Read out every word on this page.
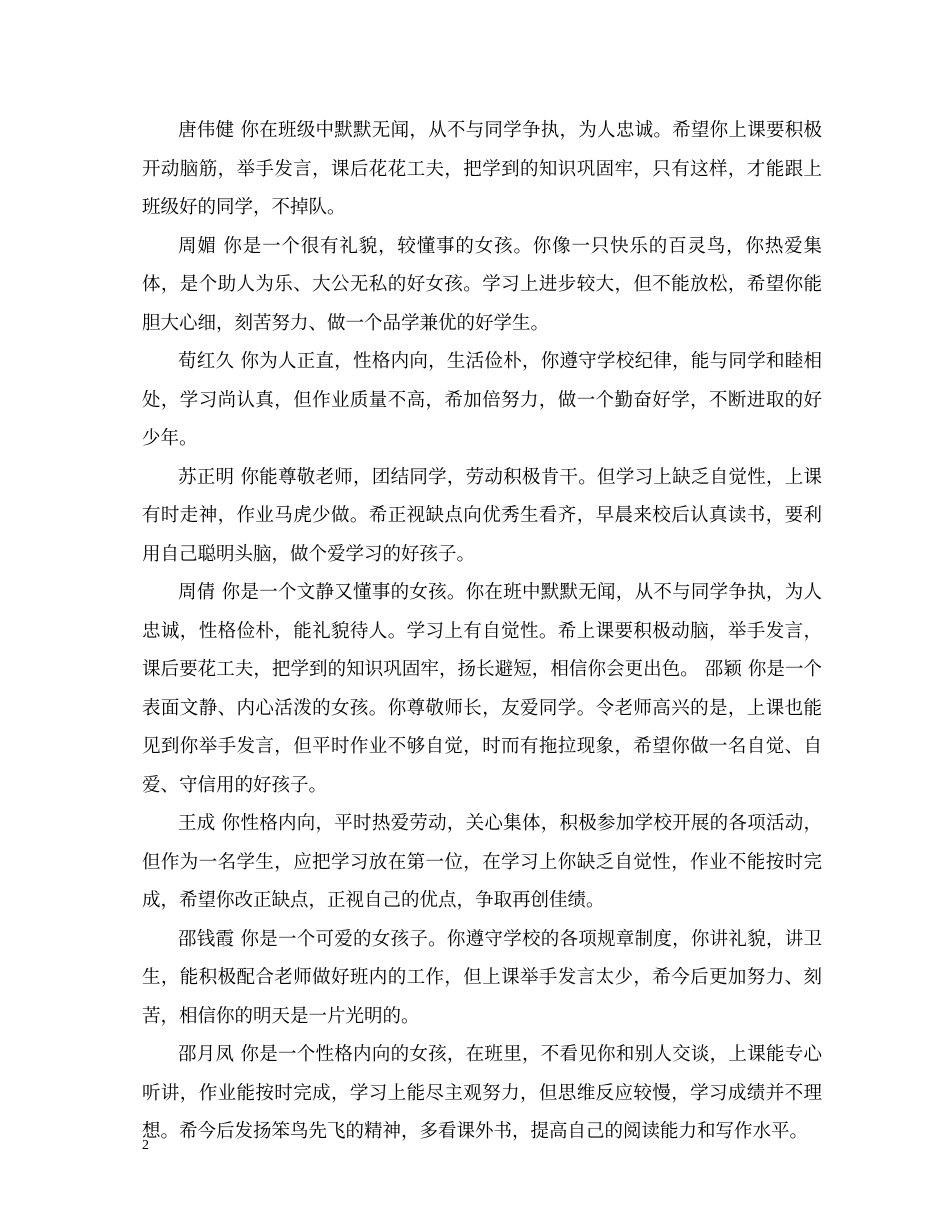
唐伟健 你在班级中默默无闻，从不与同学争执，为人忠诚。希望你上课要积极开动脑筋，举手发言，课后花花工夫，把学到的知识巩固牢，只有这样，才能跟上班级好的同学，不掉队。

周媚 你是一个很有礼貌，较懂事的女孩。你像一只快乐的百灵鸟，你热爱集体，是个助人为乐、大公无私的好女孩。学习上进步较大，但不能放松，希望你能胆大心细，刻苦努力、做一个品学兼优的好学生。

荀红久 你为人正直，性格内向，生活俭朴，你遵守学校纪律，能与同学和睦相处，学习尚认真，但作业质量不高，希加倍努力，做一个勤奋好学，不断进取的好少年。

苏正明 你能尊敬老师，团结同学，劳动积极肯干。但学习上缺乏自觉性，上课有时走神，作业马虎少做。希正视缺点向优秀生看齐，早晨来校后认真读书，要利用自己聪明头脑，做个爱学习的好孩子。

周倩 你是一个文静又懂事的女孩。你在班中默默无闻，从不与同学争执，为人忠诚，性格俭朴，能礼貌待人。学习上有自觉性。希上课要积极动脑，举手发言，课后要花工夫，把学到的知识巩固牢，扬长避短，相信你会更出色。 邵颖 你是一个表面文静、内心活泼的女孩。你尊敬师长，友爱同学。令老师高兴的是，上课也能见到你举手发言，但平时作业不够自觉，时而有拖拉现象，希望你做一名自觉、自爱、守信用的好孩子。

王成 你性格内向，平时热爱劳动，关心集体，积极参加学校开展的各项活动，但作为一名学生，应把学习放在第一位，在学习上你缺乏自觉性，作业不能按时完成，希望你改正缺点，正视自己的优点，争取再创佳绩。

邵钱霞 你是一个可爱的女孩子。你遵守学校的各项规章制度，你讲礼貌，讲卫生，能积极配合老师做好班内的工作，但上课举手发言太少，希今后更加努力、刻苦，相信你的明天是一片光明的。

邵月凤 你是一个性格内向的女孩，在班里，不看见你和别人交谈，上课能专心听讲，作业能按时完成，学习上能尽主观努力，但思维反应较慢，学习成绩并不理想。希今后发扬笨鸟先飞的精神，多看课外书，提高自己的阅读能力和写作水平。

2
